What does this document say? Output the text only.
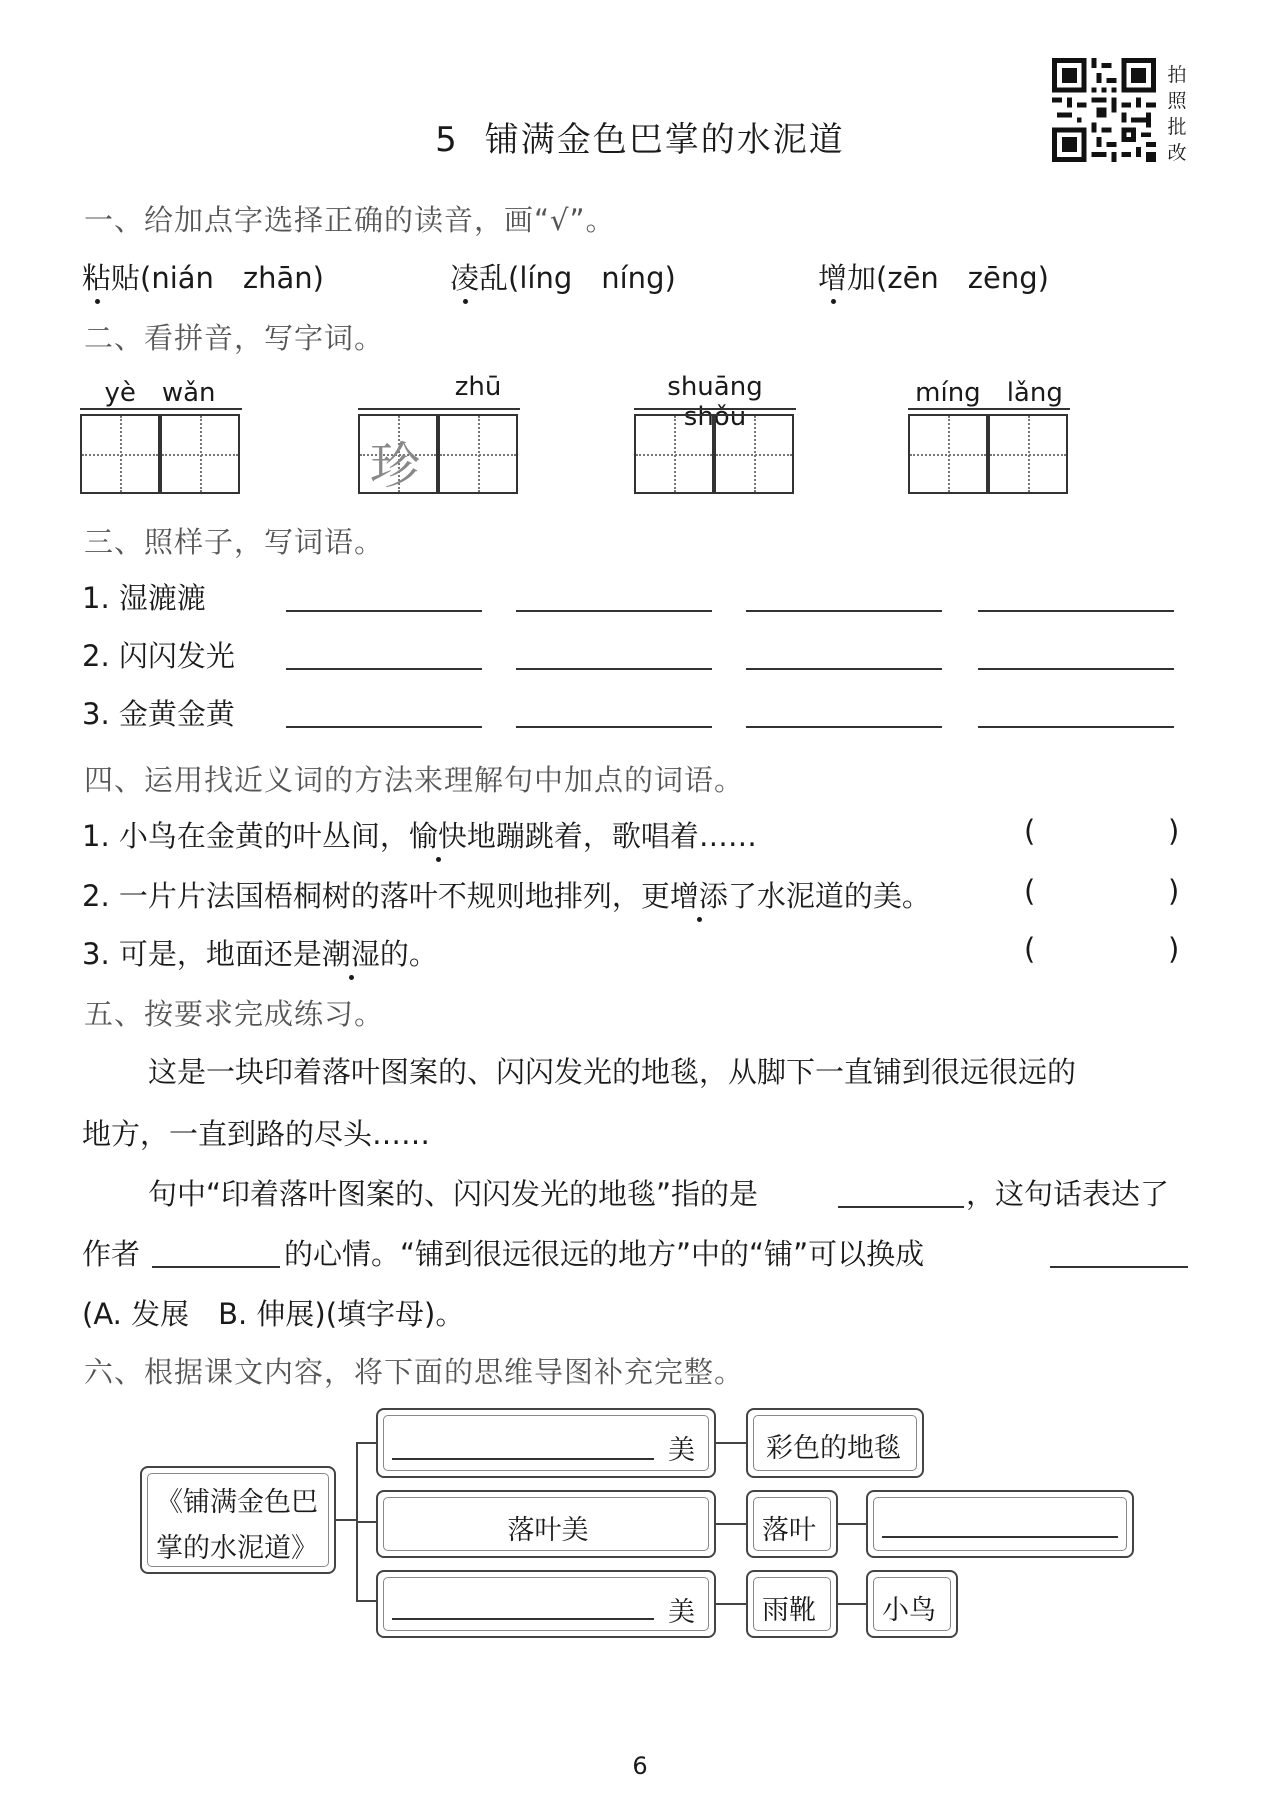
5 铺满金色巴掌的水泥道
拍
照
批
改
一、给加点字选择正确的读音，画“√”。
粘贴(nián　zhān)	凌乱(líng　níng)	增加(zēn　zēng)
二、看拼音，写字词。
yè　wǎn	zhū
珍
shuāng shǒu
míng　lǎng
三、照样子，写词语。
1. 湿漉漉
2. 闪闪发光
3. 金黄金黄
四、运用找近义词的方法来理解句中加点的词语。
1. 小鸟在金黄的叶丛间，愉快地蹦跳着，歌唱着……
2. 一片片法国梧桐树的落叶不规则地排列，更增添了水泥道的美。
3. 可是，地面还是潮湿的。
(	)
(	)
(	)
五、按要求完成练习。
这是一块印着落叶图案的、闪闪发光的地毯，从脚下一直铺到很远很远的
地方，一直到路的尽头……
句中“印着落叶图案的、闪闪发光的地毯”指的是	，这句话表达了
作者	的心情。“铺到很远很远的地方”中的“铺”可以换成
(A. 发展　B. 伸展)(填字母)。
六、根据课文内容，将下面的思维导图补充完整。
《铺满金色巴
掌的水泥道》
美	彩色的地毯
落叶美	落叶
美 雨靴 小鸟
6
